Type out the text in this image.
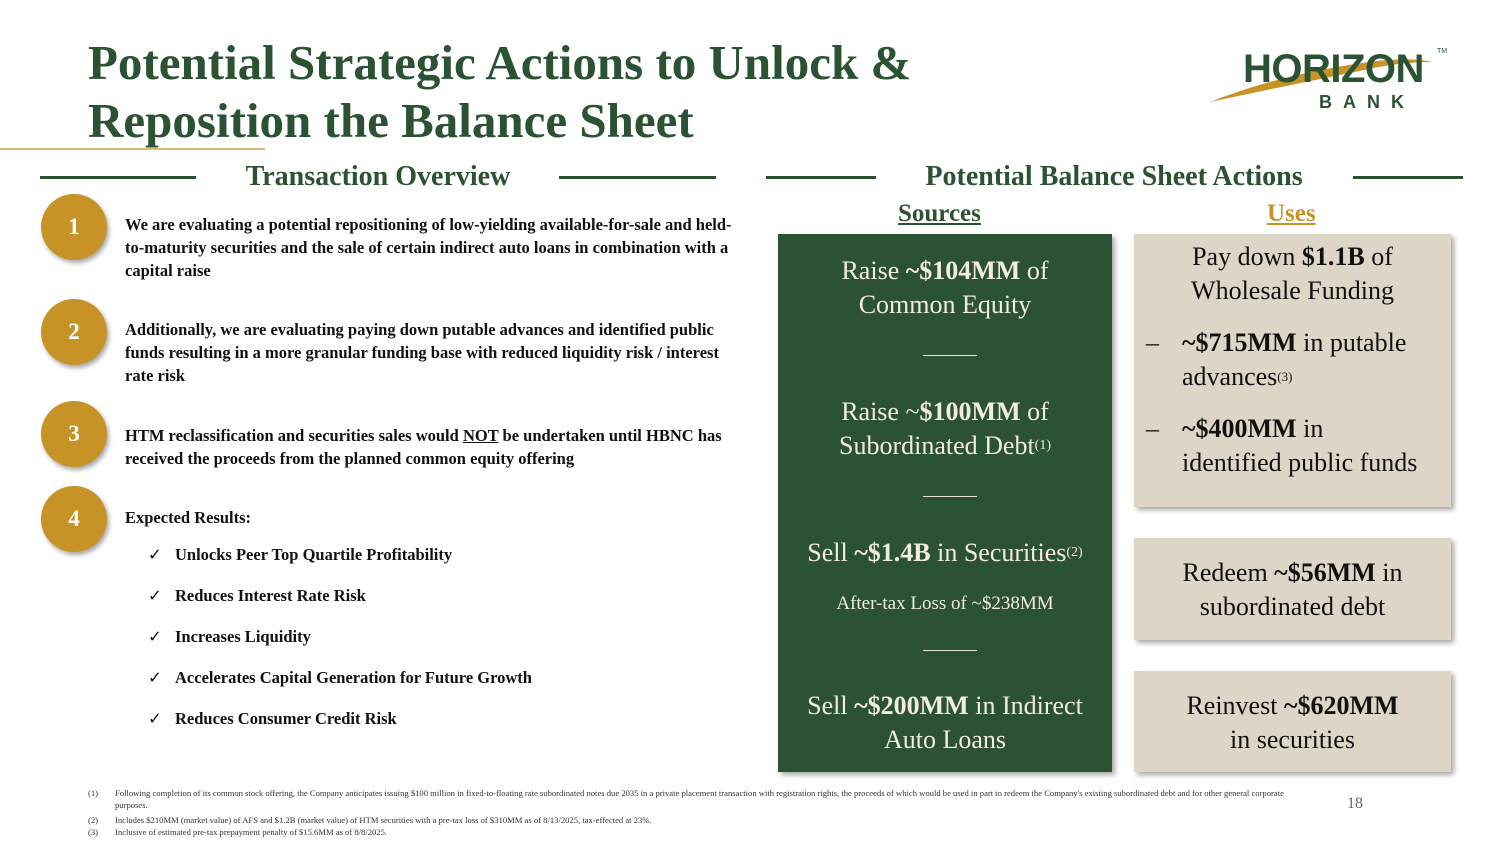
Potential Strategic Actions to Unlock &
Reposition the Balance Sheet
HORIZON TM
BANK
Transaction Overview	Potential Balance Sheet Actions
1	We are evaluating a potential repositioning of low-yielding available-for-sale and held-to-maturity securities and the sale of certain indirect auto loans in combination with a capital raise
2	Additionally, we are evaluating paying down putable advances and identified public funds resulting in a more granular funding base with reduced liquidity risk / interest rate risk
3	HTM reclassification and securities sales would NOT be undertaken until HBNC has received the proceeds from the planned common equity offering
4	Expected Results:
✓ Unlocks Peer Top Quartile Profitability
✓ Reduces Interest Rate Risk
✓ Increases Liquidity
✓ Accelerates Capital Generation for Future Growth
✓ Reduces Consumer Credit Risk
Sources	Uses
Raise ~$104MM of
Common Equity
Raise ~$100MM of
Subordinated Debt$^{(1)}$
Sell ~$1.4B in Securities$^{(2)}$
After-tax Loss of ~$238MM
Sell ~$200MM in Indirect
Auto Loans
Pay down $1.1B of
Wholesale Funding
– ~$715MM in putable
advances(3)
– ~$400MM in
identified public funds
Redeem ~$56MM in
subordinated debt
Reinvest ~$620MM
in securities
(1) Following completion of its common stock offering, the Company anticipates issuing $100 million in fixed-to-floating rate subordinated notes due 2035 in a private placement transaction with registration rights, the proceeds of which would be used in part to redeem the Company's existing subordinated debt and for other general corporate purposes.
(2) Includes $210MM (market value) of AFS and $1.2B (market value) of HTM securities with a pre-tax loss of $310MM as of 8/13/2025, tax-effected at 23%.
(3) Inclusive of estimated pre-tax prepayment penalty of $15.6MM as of 8/8/2025.
18
